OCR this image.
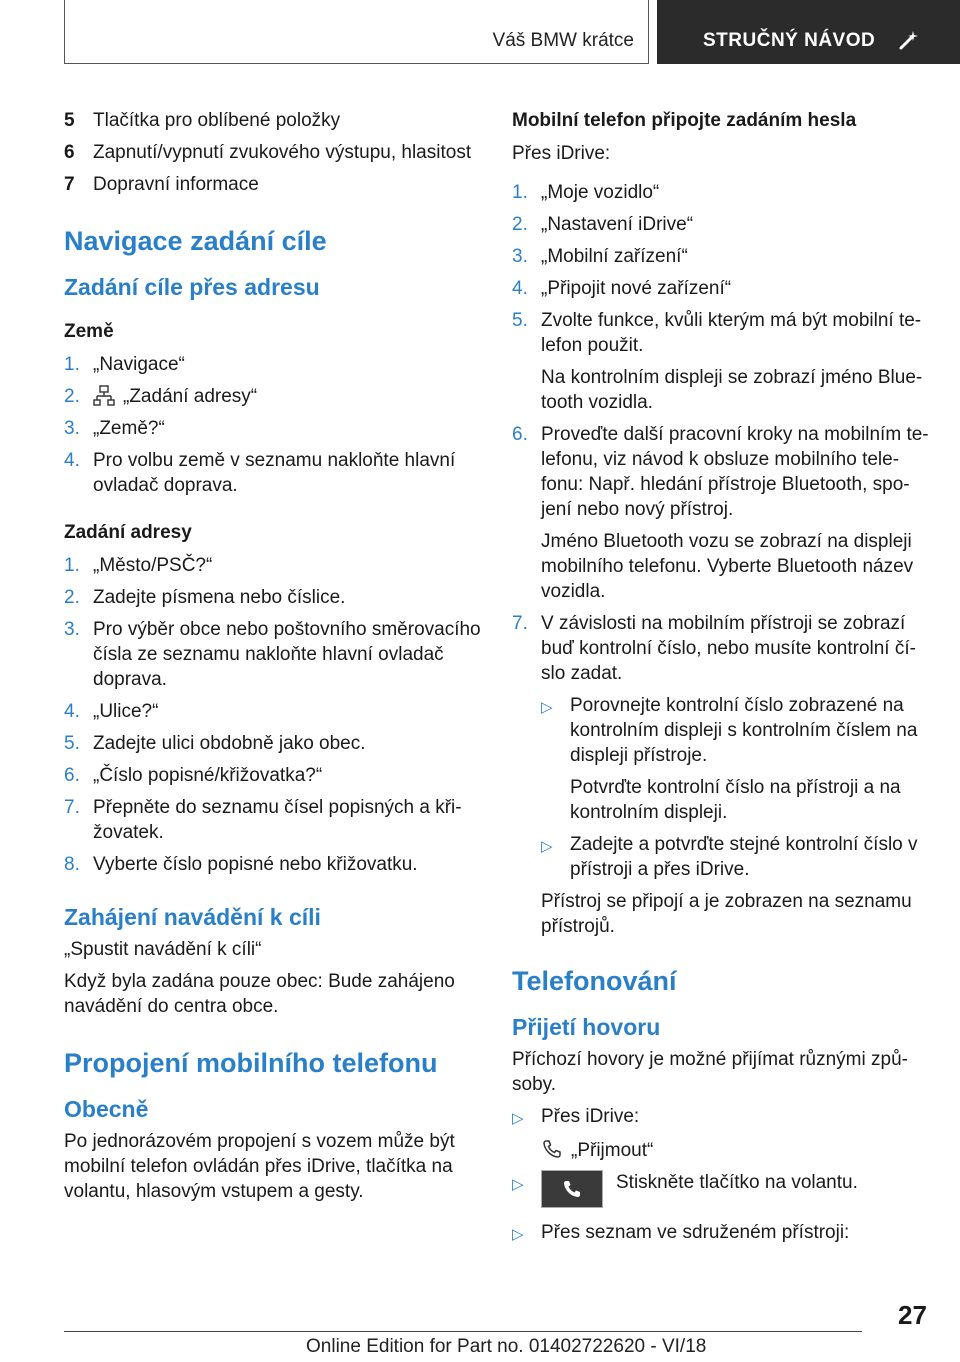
Váš BMW krátce	STRUČNÝ NÁVOD
5 Tlačítka pro oblíbené položky
6 Zapnutí/vypnutí zvukového výstupu, hlasitost
7 Dopravní informace
Navigace zadání cíle
Zadání cíle přes adresu
Země
1. „Navigace“
2.	„Zadání adresy“
3. „Země?“
4. Pro volbu země v seznamu nakloňte hlavní ovladač doprava.
Zadání adresy
1. „Město/PSČ?“
2. Zadejte písmena nebo číslice.
3. Pro výběr obce nebo poštovního směrovacího čísla ze seznamu nakloňte hlavní ovladač doprava.
4. „Ulice?“
5. Zadejte ulici obdobně jako obec.
6. „Číslo popisné/křižovatka?“
7. Přepněte do seznamu čísel popisných a křižovatek.
8. Vyberte číslo popisné nebo křižovatku.
Zahájení navádění k cíli

„Spustit navádění k cíli“

Když byla zadána pouze obec: Bude zahájeno navádění do centra obce.

Propojení mobilního telefonu
Obecně

Po jednorázovém propojení s vozem může být mobilní telefon ovládán přes iDrive, tlačítka na volantu, hlasovým vstupem a gesty.

Mobilní telefon připojte zadáním hesla

Přes iDrive:

1. „Moje vozidlo“
2. „Nastavení iDrive“
3. „Mobilní zařízení“
4. „Připojit nové zařízení“
5. Zvolte funkce, kvůli kterým má být mobilní telefon použit.

Na kontrolním displeji se zobrazí jméno Bluetooth vozidla.

6. Proveďte další pracovní kroky na mobilním telefonu, viz návod k obsluze mobilního telefonu: Např. hledání přístroje Bluetooth, spojení nebo nový přístroj.

Jméno Bluetooth vozu se zobrazí na displeji mobilního telefonu. Vyberte Bluetooth název vozidla.

7. V závislosti na mobilním přístroji se zobrazí buď kontrolní číslo, nebo musíte kontrolní číslo zadat.
▷ Porovnejte kontrolní číslo zobrazené na kontrolním displeji s kontrolním číslem na displeji přístroje.

Potvrďte kontrolní číslo na přístroji a na kontrolním displeji.

▷ Zadejte a potvrďte stejné kontrolní číslo v přístroji a přes iDrive.

Přístroj se připojí a je zobrazen na seznamu přístrojů.

Telefonování
Přijetí hovoru

Příchozí hovory je možné přijímat různými způsoby.

▷ Přes iDrive:

„Přijmout“

▷	Stiskněte tlačítko na volantu.
▷ Přes seznam ve sdruženém přístroji:
27
Online Edition for Part no. 01402722620 - VI/18
